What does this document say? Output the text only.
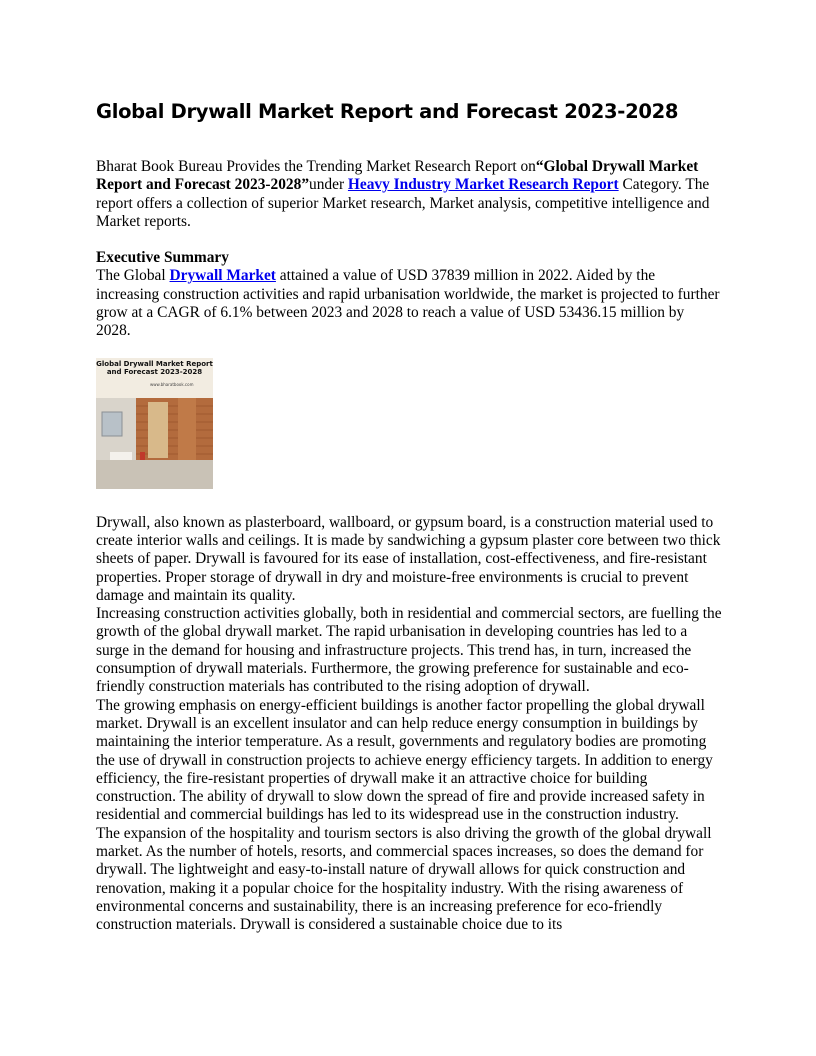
Global Drywall Market Report and Forecast 2023-2028

Bharat Book Bureau Provides the Trending Market Research Report on“Global Drywall Market Report and Forecast 2023-2028”under Heavy Industry Market Research Report Category. The report offers a collection of superior Market research, Market analysis, competitive intelligence and Market reports.

Executive Summary

The Global Drywall Market attained a value of USD 37839 million in 2022. Aided by the increasing construction activities and rapid urbanisation worldwide, the market is projected to further grow at a CAGR of 6.1% between 2023 and 2028 to reach a value of USD 53436.15 million by 2028.

Global Drywall Market Report and Forecast 2023-2028
www.bharatbook.com

Drywall, also known as plasterboard, wallboard, or gypsum board, is a construction material used to create interior walls and ceilings. It is made by sandwiching a gypsum plaster core between two thick sheets of paper. Drywall is favoured for its ease of installation, cost-effectiveness, and fire-resistant properties. Proper storage of drywall in dry and moisture-free environments is crucial to prevent damage and maintain its quality.

Increasing construction activities globally, both in residential and commercial sectors, are fuelling the growth of the global drywall market. The rapid urbanisation in developing countries has led to a surge in the demand for housing and infrastructure projects. This trend has, in turn, increased the consumption of drywall materials. Furthermore, the growing preference for sustainable and eco-friendly construction materials has contributed to the rising adoption of drywall.

The growing emphasis on energy-efficient buildings is another factor propelling the global drywall market. Drywall is an excellent insulator and can help reduce energy consumption in buildings by maintaining the interior temperature. As a result, governments and regulatory bodies are promoting the use of drywall in construction projects to achieve energy efficiency targets. In addition to energy efficiency, the fire-resistant properties of drywall make it an attractive choice for building construction. The ability of drywall to slow down the spread of fire and provide increased safety in residential and commercial buildings has led to its widespread use in the construction industry.

The expansion of the hospitality and tourism sectors is also driving the growth of the global drywall market. As the number of hotels, resorts, and commercial spaces increases, so does the demand for drywall. The lightweight and easy-to-install nature of drywall allows for quick construction and renovation, making it a popular choice for the hospitality industry. With the rising awareness of environmental concerns and sustainability, there is an increasing preference for eco-friendly construction materials. Drywall is considered a sustainable choice due to its
